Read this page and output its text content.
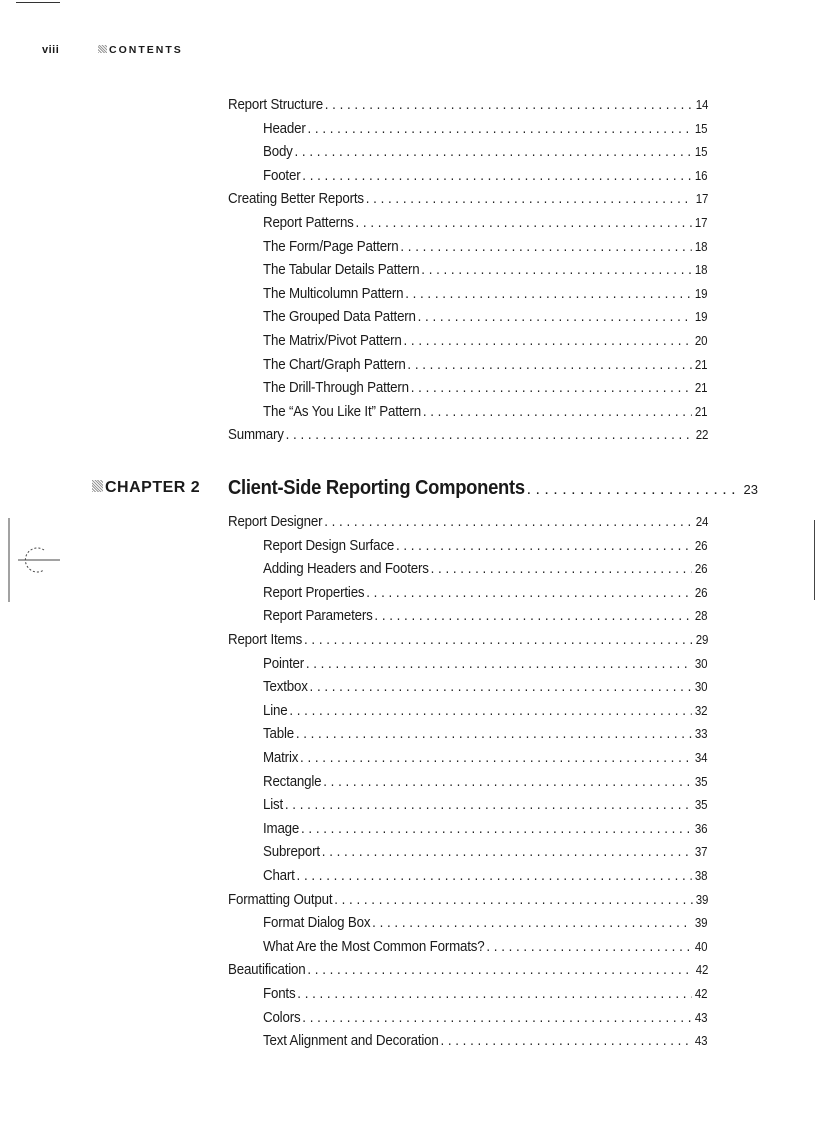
viii	CONTENTS
Report Structure . . .	14
Header . . .	15
Body . . .	15
Footer . . .	16
Creating Better Reports . . .	17
Report Patterns . . .	17
The Form/Page Pattern . . .	18
The Tabular Details Pattern . . .	18
The Multicolumn Pattern . . .	19
The Grouped Data Pattern . . .	19
The Matrix/Pivot Pattern . . .	20
The Chart/Graph Pattern . . .	21
The Drill-Through Pattern . . .	21
The “As You Like It” Pattern . . .	21
Summary . . .	22
CHAPTER 2 Client-Side Reporting Components . . .	23
Report Designer . . .	24
Report Design Surface . . .	26
Adding Headers and Footers . . .	26
Report Properties . . .	26
Report Parameters . . .	28
Report Items . . .	29
Pointer . . .	30
Textbox . . .	30
Line . . .	32
Table . . .	33
Matrix . . .	34
Rectangle . . .	35
List . . .	35
Image . . .	36
Subreport . . .	37
Chart . . .	38
Formatting Output . . .	39
Format Dialog Box . . .	39
What Are the Most Common Formats? . . .	40
Beautification . . .	42
Fonts . . .	42
Colors . . .	43
Text Alignment and Decoration . . .	43
